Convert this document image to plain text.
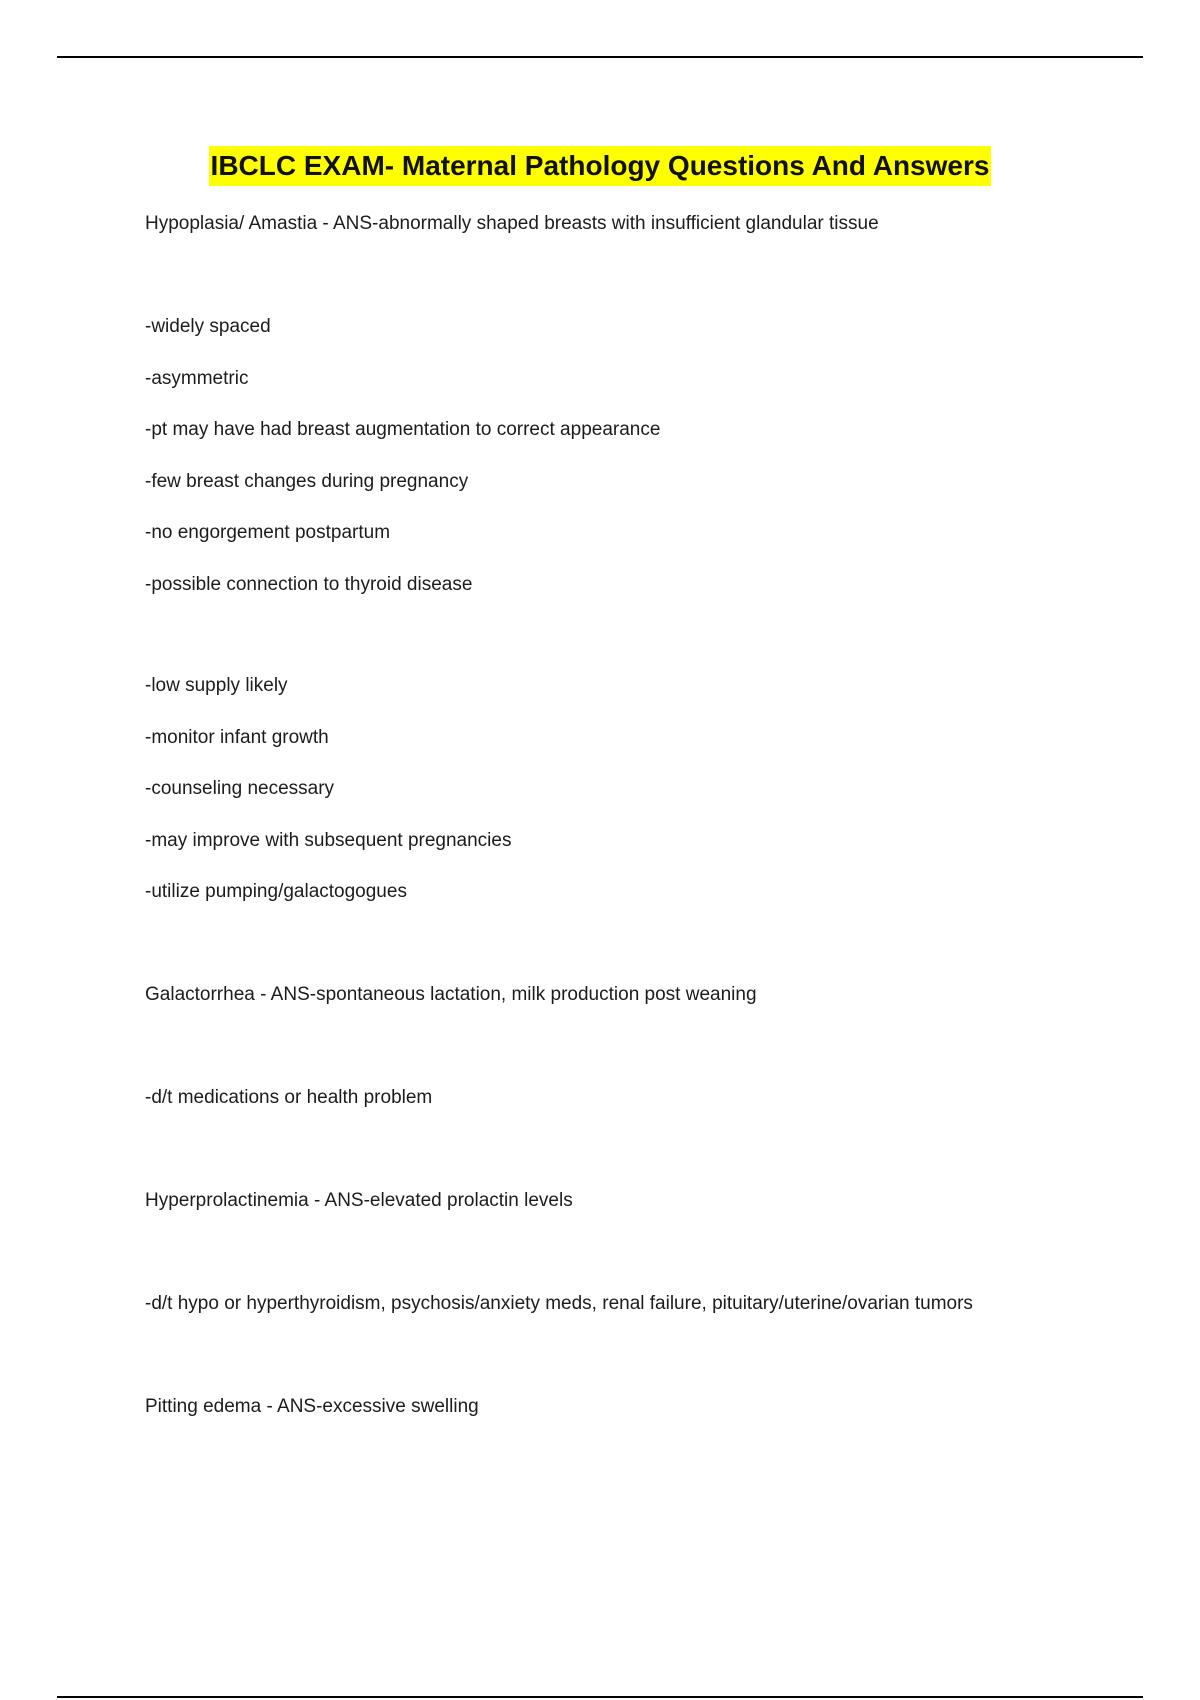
IBCLC EXAM- Maternal Pathology Questions And Answers
Hypoplasia/ Amastia - ANS-abnormally shaped breasts with insufficient glandular tissue
-widely spaced
-asymmetric
-pt may have had breast augmentation to correct appearance
-few breast changes during pregnancy
-no engorgement postpartum
-possible connection to thyroid disease
-low supply likely
-monitor infant growth
-counseling necessary
-may improve with subsequent pregnancies
-utilize pumping/galactogogues
Galactorrhea - ANS-spontaneous lactation, milk production post weaning
-d/t medications or health problem
Hyperprolactinemia - ANS-elevated prolactin levels
-d/t hypo or hyperthyroidism, psychosis/anxiety meds, renal failure, pituitary/uterine/ovarian tumors
Pitting edema - ANS-excessive swelling
